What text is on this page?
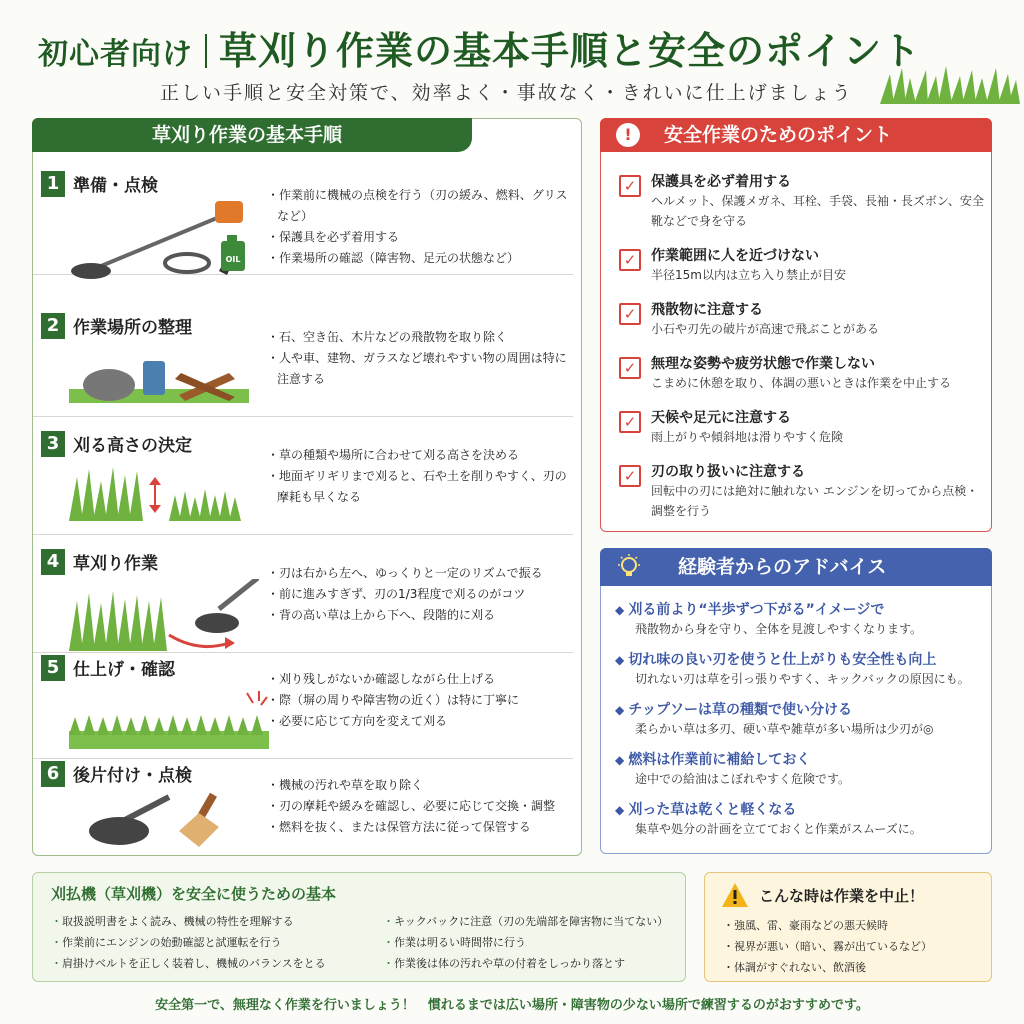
初心者向け 草刈り作業の基本手順と安全のポイント
正しい手順と安全対策で、効率よく・事故なく・きれいに仕上げましょう
草刈り作業の基本手順
1 準備・点検
OIL
・ 作業前に機械の点検を行う（刃の緩み、燃料、グリスなど）
・ 保護具を必ず着用する
・ 作業場所の確認（障害物、足元の状態など）
2 作業場所の整理	・ 石、空き缶、木片などの飛散物を取り除く
・ 人や車、建物、ガラスなど壊れやすい物の周囲は特に注意する
3 刈る高さの決定	・ 草の種類や場所に合わせて刈る高さを決める
・ 地面ギリギリまで刈ると、石や土を削りやすく、刃の摩耗も早くなる
4 草刈り作業	・ 刃は右から左へ、ゆっくりと一定のリズムで振る
・ 前に進みすぎず、刃の1/3程度で刈るのがコツ
・ 背の高い草は上から下へ、段階的に刈る
5 仕上げ・確認	・ 刈り残しがないか確認しながら仕上げる
・ 際（塀の周りや障害物の近く）は特に丁寧に
・ 必要に応じて方向を変えて刈る
6 後片付け・点検	・ 機械の汚れや草を取り除く
・ 刃の摩耗や緩みを確認し、必要に応じて交換・調整
・ 燃料を抜く、または保管方法に従って保管する
!	安全作業のためのポイント
✓	保護具を必ず着用する
ヘルメット、保護メガネ、耳栓、手袋、長袖・長ズボン、安全靴などで身を守る
✓	作業範囲に人を近づけない
半径15m以内は立ち入り禁止が目安
✓	飛散物に注意する
小石や刃先の破片が高速で飛ぶことがある
✓	無理な姿勢や疲労状態で作業しない
こまめに休憩を取り、体調の悪いときは作業を中止する
✓	天候や足元に注意する
雨上がりや傾斜地は滑りやすく危険
✓	刃の取り扱いに注意する
回転中の刃には絶対に触れない エンジンを切ってから点検・調整を行う
経験者からのアドバイス
◆ 刈る前より“半歩ずつ下がる”イメージで
飛散物から身を守り、全体を見渡しやすくなります。
◆ 切れ味の良い刃を使うと仕上がりも安全性も向上
切れない刃は草を引っ張りやすく、キックバックの原因にも。
◆ チップソーは草の種類で使い分ける
柔らかい草は多刃、硬い草や雑草が多い場所は少刃が◎
◆ 燃料は作業前に補給しておく
途中での給油はこぼれやすく危険です。
◆ 刈った草は乾くと軽くなる
集草や処分の計画を立てておくと作業がスムーズに。
刈払機（草刈機）を安全に使うための基本
・ 取扱説明書をよく読み、機械の特性を理解する
・ 作業前にエンジンの始動確認と試運転を行う
・ 肩掛けベルトを正しく装着し、機械のバランスをとる
・ キックバックに注意（刃の先端部を障害物に当てない）
・ 作業は明るい時間帯に行う
・ 作業後は体の汚れや草の付着をしっかり落とす
こんな時は作業を中止！
・ 強風、雷、豪雨などの悪天候時
・ 視界が悪い（暗い、霧が出ているなど）
・ 体調がすぐれない、飲酒後
安全第一で、無理なく作業を行いましょう！　慣れるまでは広い場所・障害物の少ない場所で練習するのがおすすめです。
